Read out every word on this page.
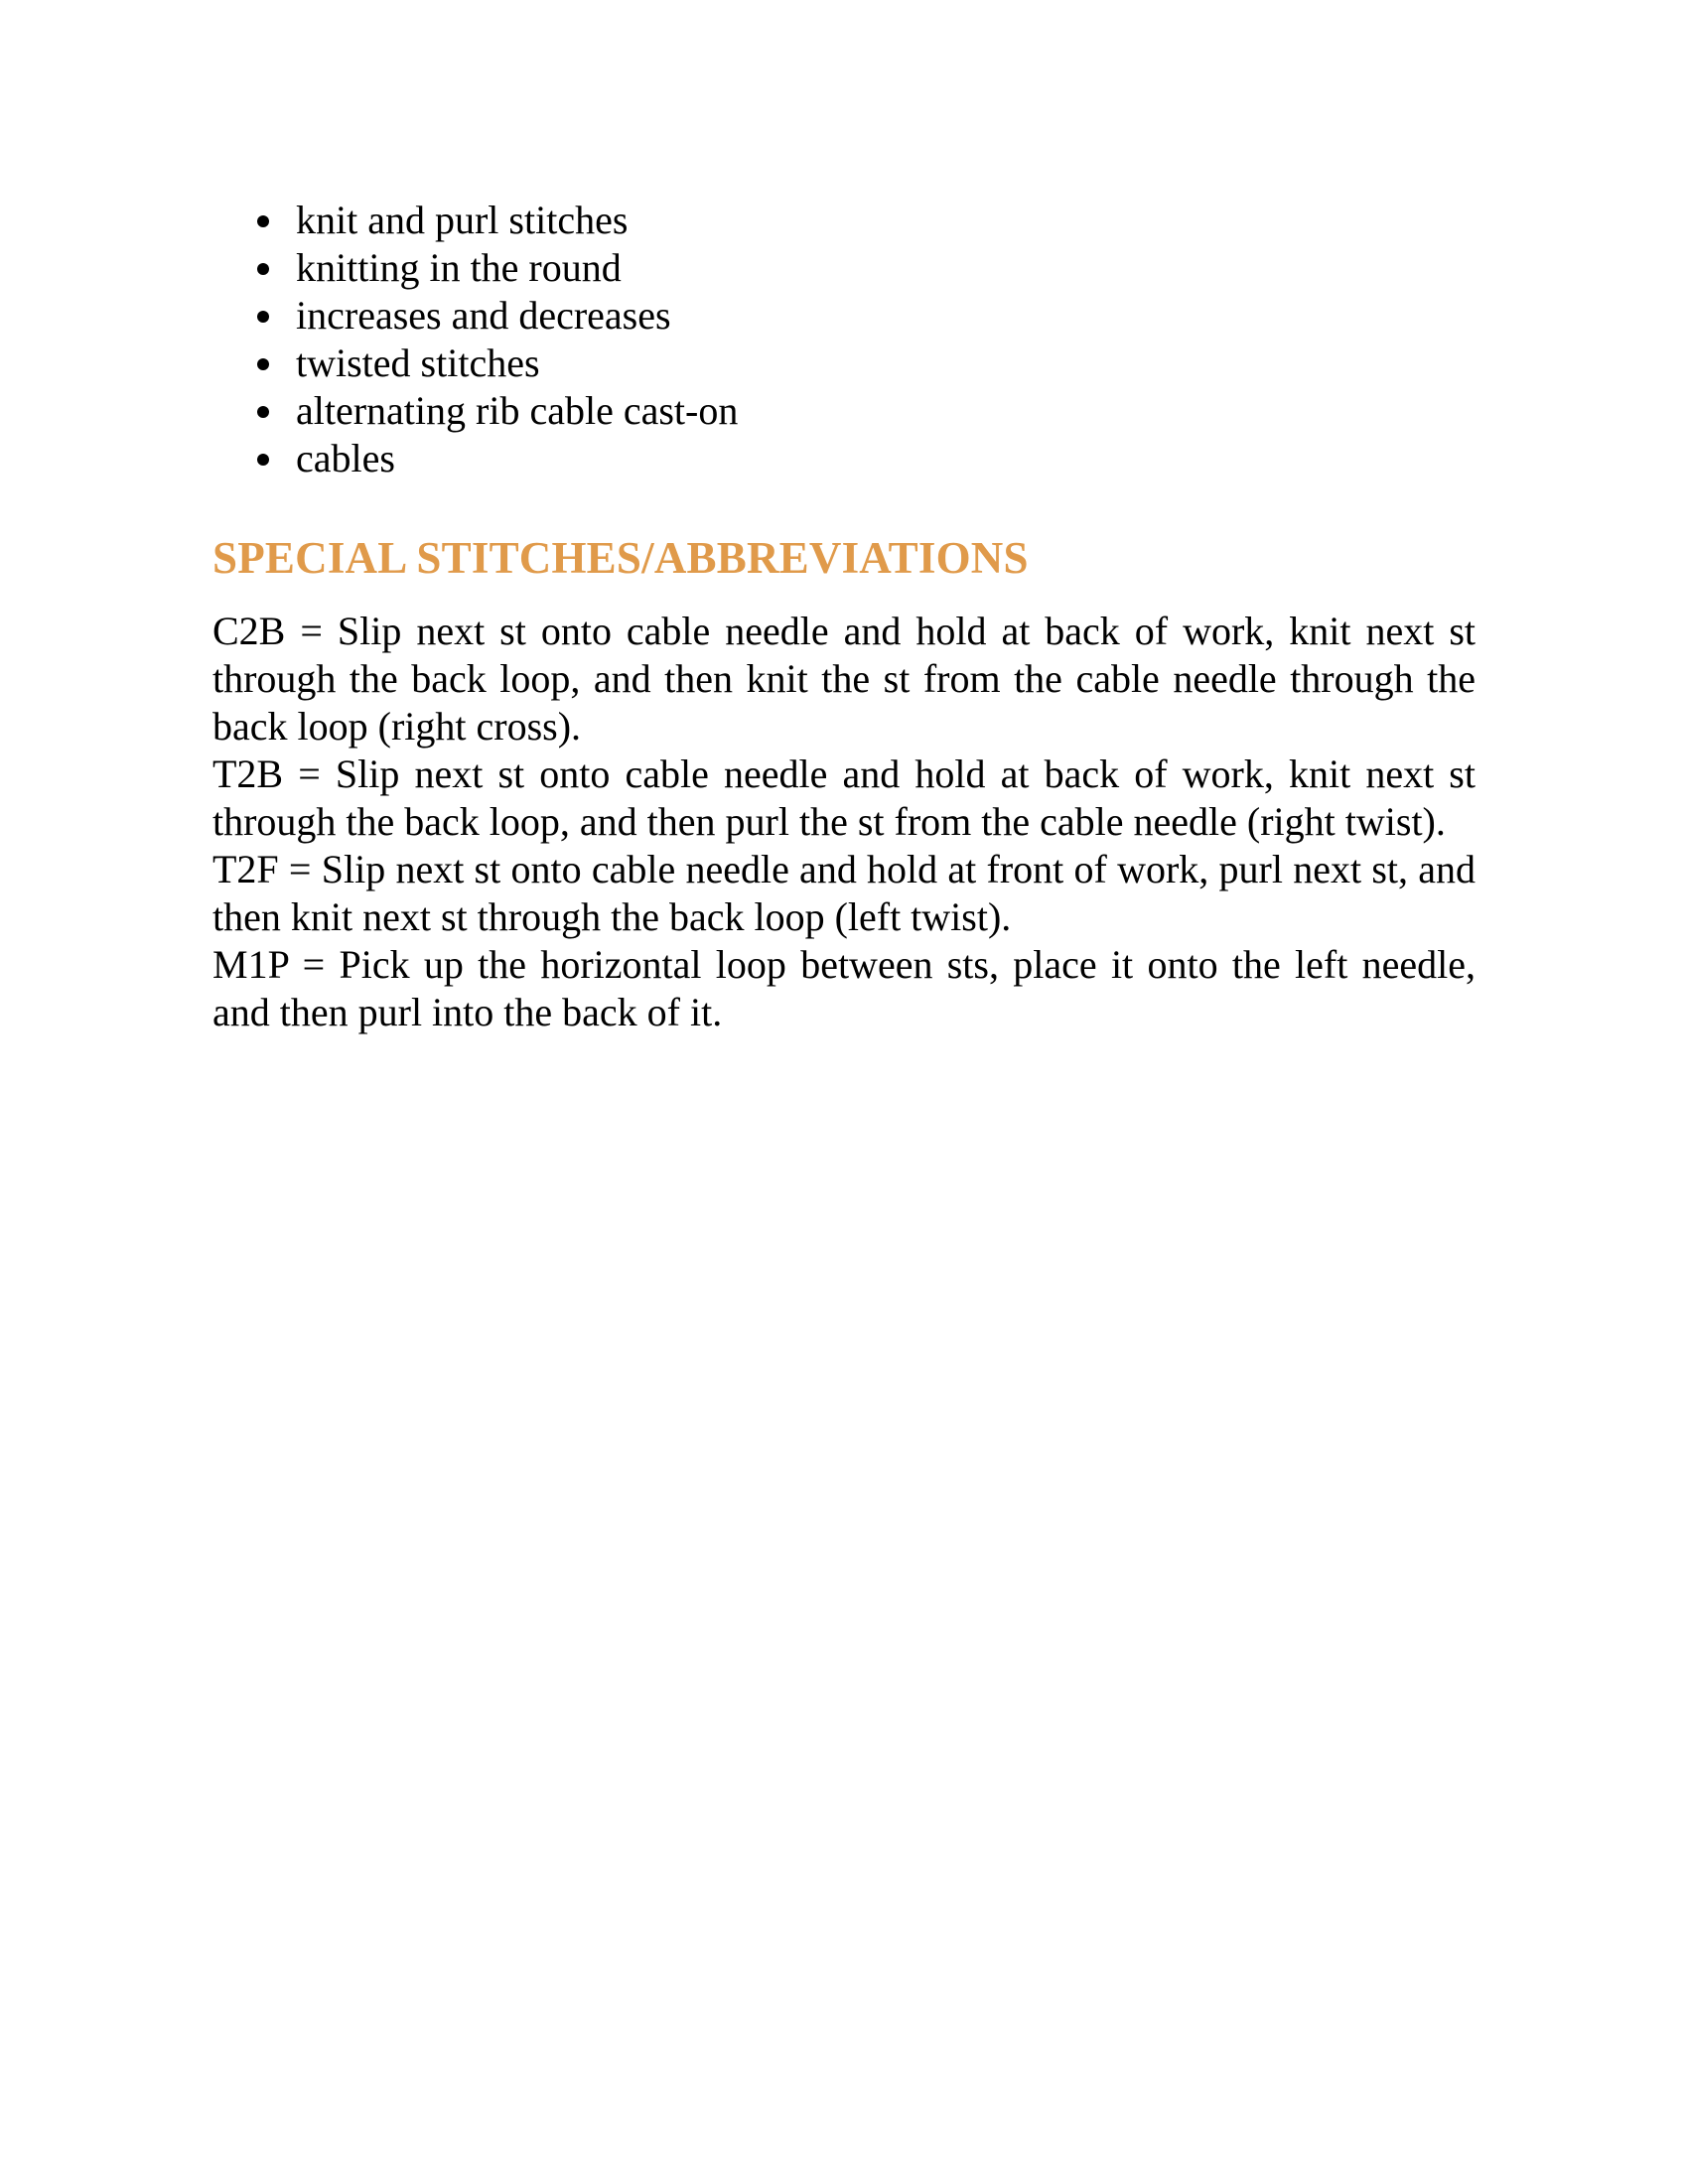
knit and purl stitches
knitting in the round
increases and decreases
twisted stitches
alternating rib cable cast-on
cables
SPECIAL STITCHES/ABBREVIATIONS

C2B = Slip next st onto cable needle and hold at back of work, knit next st through the back loop, and then knit the st from the cable needle through the back loop (right cross).

T2B = Slip next st onto cable needle and hold at back of work, knit next st through the back loop, and then purl the st from the cable needle (right twist).

T2F = Slip next st onto cable needle and hold at front of work, purl next st, and then knit next st through the back loop (left twist).

M1P = Pick up the horizontal loop between sts, place it onto the left needle, and then purl into the back of it.
